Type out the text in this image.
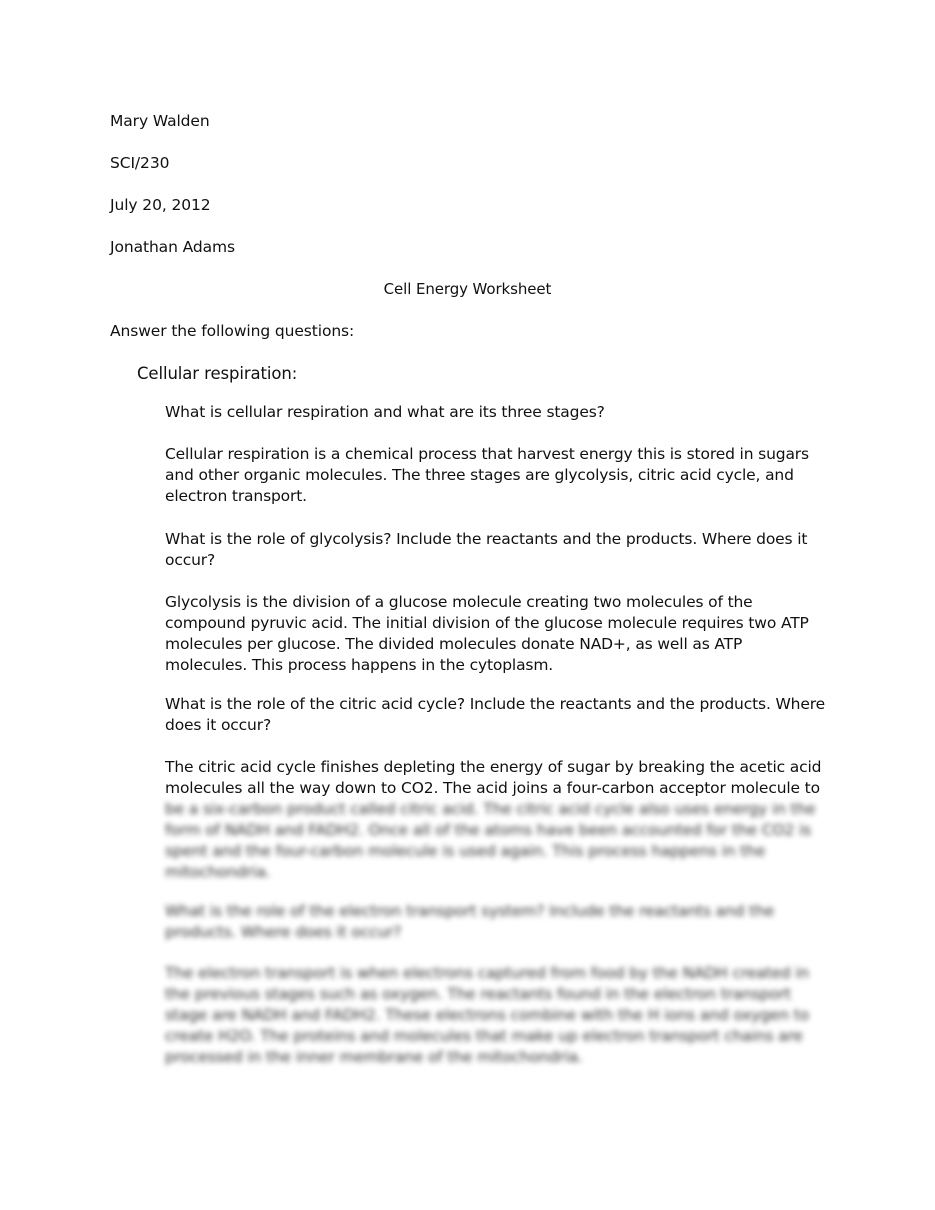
Mary Walden
SCI/230
July 20, 2012
Jonathan Adams
Cell Energy Worksheet
Answer the following questions:
Cellular respiration:

What is cellular respiration and what are its three stages?

Cellular respiration is a chemical process that harvest energy this is stored in sugars and other organic molecules. The three stages are glycolysis, citric acid cycle, and electron transport.

What is the role of glycolysis? Include the reactants and the products. Where does it occur?

Glycolysis is the division of a glucose molecule creating two molecules of the compound pyruvic acid. The initial division of the glucose molecule requires two ATP molecules per glucose. The divided molecules donate NAD+, as well as ATP molecules. This process happens in the cytoplasm.

What is the role of the citric acid cycle? Include the reactants and the products. Where does it occur?

The citric acid cycle finishes depleting the energy of sugar by breaking the acetic acid molecules all the way down to CO2. The acid joins a four-carbon acceptor molecule to

be a six-carbon product called citric acid. The citric acid cycle also uses energy in the form of NADH and FADH2. Once all of the atoms have been accounted for the CO2 is spent and the four-carbon molecule is used again. This process happens in the mitochondria.

What is the role of the electron transport system? Include the reactants and the products. Where does it occur?

The electron transport is when electrons captured from food by the NADH created in the previous stages such as oxygen. The reactants found in the electron transport stage are NADH and FADH2. These electrons combine with the H ions and oxygen to create H2O. The proteins and molecules that make up electron transport chains are processed in the inner membrane of the mitochondria.
